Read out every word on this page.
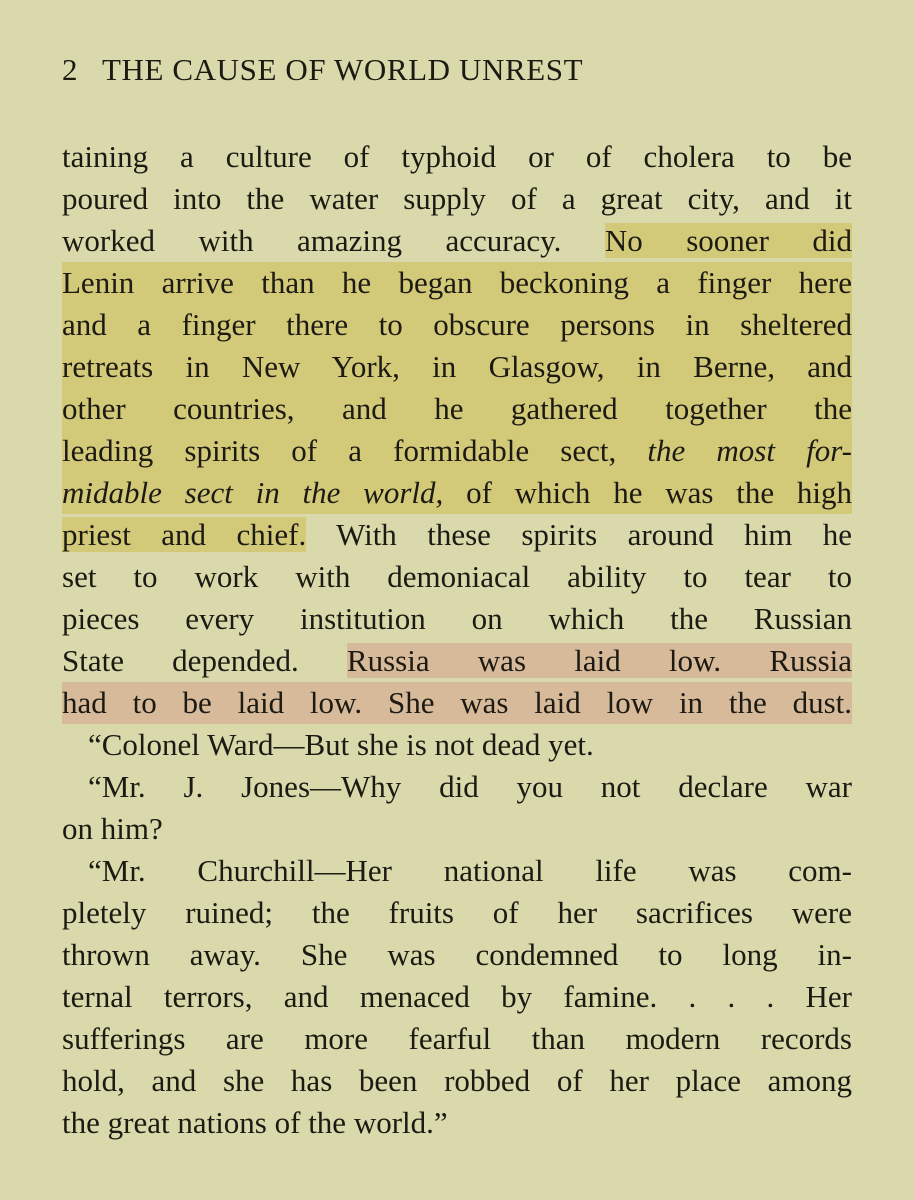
2 THE CAUSE OF WORLD UNREST
taining a culture of typhoid or of cholera to be
poured into the water supply of a great city, and it
worked with amazing accuracy. No sooner did
Lenin arrive than he began beckoning a finger here
and a finger there to obscure persons in sheltered
retreats in New York, in Glasgow, in Berne, and
other countries, and he gathered together the
leading spirits of a formidable sect, the most for-
midable sect in the world, of which he was the high
priest and chief. With these spirits around him he
set to work with demoniacal ability to tear to
pieces every institution on which the Russian
State depended. Russia was laid low. Russia
had to be laid low. She was laid low in the dust.
“Colonel Ward—But she is not dead yet.
“Mr. J. Jones—Why did you not declare war
on him?
“Mr. Churchill—Her national life was com-
pletely ruined; the fruits of her sacrifices were
thrown away. She was condemned to long in-
ternal terrors, and menaced by famine. . . . Her
sufferings are more fearful than modern records
hold, and she has been robbed of her place among
the great nations of the world.”
